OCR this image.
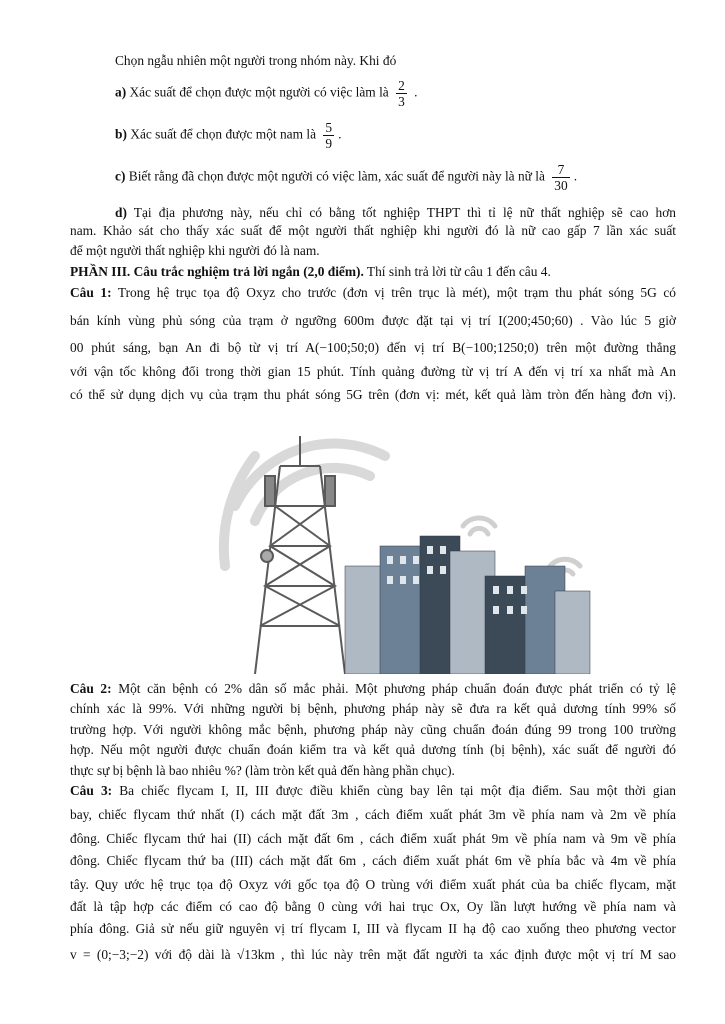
Chọn ngẫu nhiên một người trong nhóm này. Khi đó
a) Xác suất để chọn được một người có việc làm là $\frac{2}{3}$ .
b) Xác suất để chọn được một nam là $\frac{5}{9}$ .
c) Biết rằng đã chọn được một người có việc làm, xác suất để người này là nữ là $\frac{7}{30}$ .
d) Tại địa phương này, nếu chỉ có bằng tốt nghiệp THPT thì tỉ lệ nữ thất nghiệp sẽ cao hơn
nam. Khảo sát cho thấy xác suất để một người thất nghiệp khi người đó là nữ cao gấp 7 lần xác suất
để một người thất nghiệp khi người đó là nam.
PHẦN III. Câu trắc nghiệm trả lời ngắn (2,0 điểm). Thí sinh trả lời từ câu 1 đến câu 4.
Câu 1: Trong hệ trục tọa độ Oxyz cho trước (đơn vị trên trục là mét), một trạm thu phát sóng 5G có
bán kính vùng phủ sóng của trạm ở ngưỡng 600m được đặt tại vị trí I(200;450;60) . Vào lúc 5 giờ
00 phút sáng, bạn An đi bộ từ vị trí A(−100;50;0) đến vị trí B(−100;1250;0) trên một đường thẳng
với vận tốc không đổi trong thời gian 15 phút. Tính quảng đường từ vị trí A đến vị trí xa nhất mà An
có thể sử dụng dịch vụ của trạm thu phát sóng 5G trên (đơn vị: mét, kết quả làm tròn đến hàng đơn vị).
Câu 2: Một căn bệnh có 2% dân số mắc phải. Một phương pháp chuẩn đoán được phát triển có tỷ lệ
chính xác là 99%. Với những người bị bệnh, phương pháp này sẽ đưa ra kết quả dương tính 99% số
trường hợp. Với người không mắc bệnh, phương pháp này cũng chuẩn đoán đúng 99 trong 100 trường
hợp. Nếu một người được chuẩn đoán kiểm tra và kết quả dương tính (bị bệnh), xác suất để người đó
thực sự bị bệnh là bao nhiêu %? (làm tròn kết quả đến hàng phần chục).
Câu 3: Ba chiếc flycam I, II, III được điều khiển cùng bay lên tại một địa điểm. Sau một thời gian
bay, chiếc flycam thứ nhất (I) cách mặt đất 3m , cách điểm xuất phát 3m về phía nam và 2m về phía
đông. Chiếc flycam thứ hai (II) cách mặt đất 6m , cách điểm xuất phát 9m về phía nam và 9m về phía
đông. Chiếc flycam thứ ba (III) cách mặt đất 6m , cách điểm xuất phát 6m về phía bắc và 4m về phía
tây. Quy ước hệ trục tọa độ Oxyz với gốc tọa độ O trùng với điểm xuất phát của ba chiếc flycam, mặt
đất là tập hợp các điểm có cao độ bằng 0 cùng với hai trục Ox, Oy lần lượt hướng về phía nam và
phía đông. Giả sử nếu giữ nguyên vị trí flycam I, III và flycam II hạ độ cao xuống theo phương vector
v = (0;−3;−2) với độ dài là √13km , thì lúc này trên mặt đất người ta xác định được một vị trí M sao
